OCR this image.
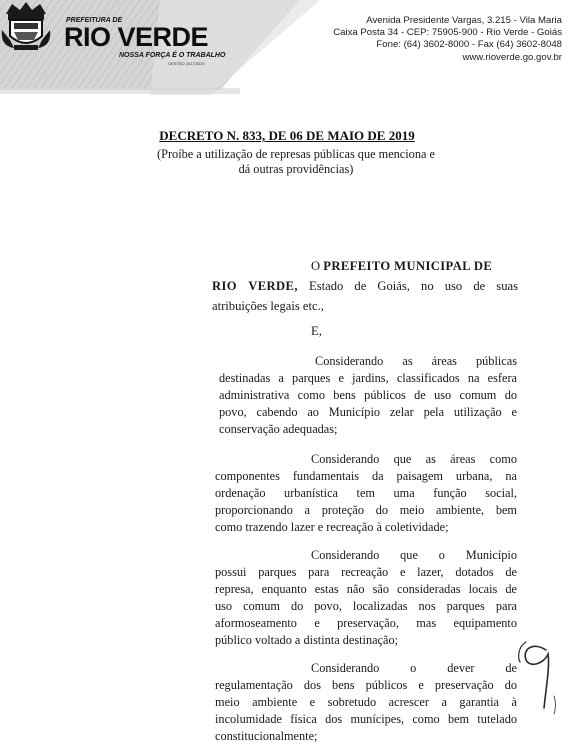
PREFEITURA DE
RIO VERDE
NOSSA FORÇA É O TRABALHO
GESTÃO 2017/2020
Avenida Presidente Vargas, 3.215 - Vila Maria
Caixa Posta 34 - CEP: 75905-900 - Rio Verde - Goiás
Fone: (64) 3602-8000 - Fax (64) 3602-8048
www.rioverde.go.gov.br
DECRETO N. 833, DE 06 DE MAIO DE 2019
(Proíbe a utilização de represas públicas que menciona e
dá outras providências)
O PREFEITO MUNICIPAL DE
RIO VERDE, Estado de Goiás, no uso de suas
atribuições legais etc.,
E,
Considerando as áreas públicas
destinadas a parques e jardins, classificados na esfera
administrativa como bens públicos de uso comum do
povo, cabendo ao Município zelar pela utilização e
conservação adequadas;
Considerando que as áreas como
componentes fundamentais da paisagem urbana, na
ordenação urbanística tem uma função social,
proporcionando a proteção do meio ambiente, bem
como trazendo lazer e recreação à coletividade;
Considerando que o Município
possui parques para recreação e lazer, dotados de
represa, enquanto estas não são consideradas locais de
uso comum do povo, localizadas nos parques para
aformoseamento e preservação, mas equipamento
público voltado a distinta destinação;
Considerando o dever de
regulamentação dos bens públicos e preservação do
meio ambiente e sobretudo acrescer a garantia à
incolumidade física dos munícipes, como bem tutelado
constitucionalmente;
